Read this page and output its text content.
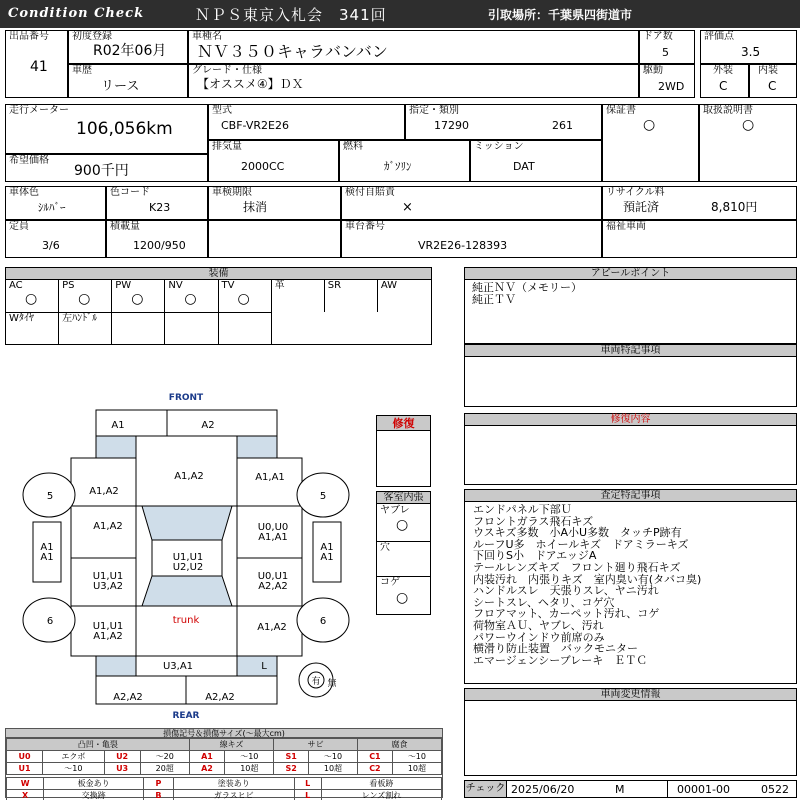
Condition Check	ＮＰＳ東京入札会　341回	引取場所：千葉県四街道市
出品番号
41
初度登録
R02年06月
車種名
ＮＶ３５０キャラバンバン
車歴
リース
グレード・仕様
【オススメ④】ＤＸ
ドア数
5
駆動
2WD
評価点
3.5
外装
C
内装
C
走行メーター
106,056km
希望価格
900千円
型式
CBF-VR2E26
指定・類別
17290	261
保証書
○
取扱説明書
○
排気量
2000CC
燃料
ｶﾞｿﾘﾝ
ミッション
DAT
車体色
ｼﾙﾊﾞｰ
色コード
K23
車検期限
抹消
検付自賠責
×
リサイクル料
預託済	8,810円
定員
3/6
積載量
1200/950
車台番号
VR2E26-128393
福祉車両
装備
AC
○
PS
○
PW
○
NV
○
TV
○
革	SR	AW
Wﾀｲﾔ	左ﾊﾝﾄﾞﾙ
アピールポイント
純正ＮＶ（メモリー）
純正ＴＶ
車両特記事項
修復内容
査定特記事項
エンドパネル下部Ｕ
フロントガラス飛石キズ
ウスキズ多数　小A小U多数　タッチP跡有
ルーフU多　ホイールキズ　ドアミラーキズ
下回りS小　ドアエッジA
テールレンズキズ　フロント廻り飛石キズ
内装汚れ　内張りキズ　室内臭い有(タバコ臭)
ハンドルスレ　天張りスレ、ヤニ汚れ
シートスレ、ヘタリ、コゲ穴
フロアマット、カーペット汚れ、コゲ
荷物室ＡＵ、ヤブレ、汚れ
パワーウインドウ前席のみ
横滑り防止装置　バックモニター
エマージェンシーブレーキ　ＥＴＣ
車両変更情報
修復
客室内張
ヤブレ
○
穴
コゲ
○
FRONT
REAR
A1	A2
A1,A2
A1,A2
A1,A1
5	5
6	6
A1,A2	U0,U0
A1,A1
A1
A1
A1
A1
U1,U1
U2,U2
U1,U1
U3,A2
U0,U1
A2,A2
U1,U1
A1,A2
A1,A2
trunk
U3,A1	L
A2,A2	A2,A2
有 無
損傷記号＆損傷サイズ(〜最大cm)
凸凹・亀裂				線キズ		サビ		腐食	
U0	エクボ	U2	〜20	A1	〜10	S1	〜10	C1	〜10
U1	〜10	U3	20超	A2	10超	S2	10超	C2	10超
W	板金あり	P	塗装あり	L	看板跡
X	交換跡	B	ガラスヒビ	L	レンズ割れ
チェック 2025/06/20	M	00001-00	0522
